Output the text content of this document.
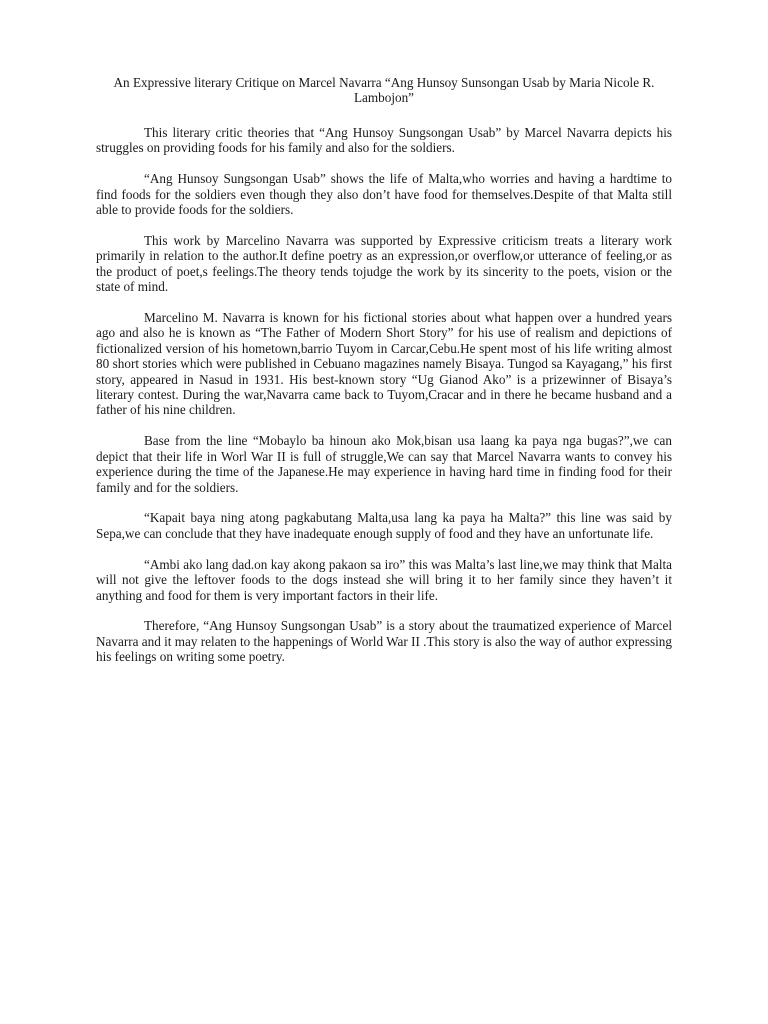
An Expressive literary Critique on Marcel Navarra “Ang Hunsoy Sunsongan Usab by Maria Nicole R. Lambojon”

This literary critic theories that “Ang Hunsoy Sungsongan Usab” by Marcel Navarra depicts his struggles on providing foods for his family and also for the soldiers.

“Ang Hunsoy Sungsongan Usab” shows the life of Malta,who worries and having a hardtime to find foods for the soldiers even though they also don’t have food for themselves.Despite of that Malta still able to provide foods for the soldiers.

This work by Marcelino Navarra was supported by Expressive criticism treats a literary work primarily in relation to the author.It define poetry as an expression,or overflow,or utterance of feeling,or as the product of poet,s feelings.The theory tends tojudge the work by its sincerity to the poets, vision or the state of mind.

Marcelino M. Navarra is known for his fictional stories about what happen over a hundred years ago and also he is known as “The Father of Modern Short Story” for his use of realism and depictions of fictionalized version of his hometown,barrio Tuyom in Carcar,Cebu.He spent most of his life writing almost 80 short stories which were published in Cebuano magazines namely Bisaya. Tungod sa Kayagang,” his first story, appeared in Nasud in 1931. His best-known story “Ug Gianod Ako” is a prizewinner of Bisaya’s literary contest. During the war,Navarra came back to Tuyom,Cracar and in there he became husband and a father of his nine children.

Base from the line “Mobaylo ba hinoun ako Mok,bisan usa laang ka paya nga bugas?”,we can depict that their life in Worl War II is full of struggle,We can say that Marcel Navarra wants to convey his experience during the time of the Japanese.He may experience in having hard time in finding food for their family and for the soldiers.

“Kapait baya ning atong pagkabutang Malta,usa lang ka paya ha Malta?” this line was said by Sepa,we can conclude that they have inadequate enough supply of food and they have an unfortunate life.

“Ambi ako lang dad.on kay akong pakaon sa iro” this was Malta’s last line,we may think that Malta will not give the leftover foods to the dogs instead she will bring it to her family since they haven’t it anything and food for them is very important factors in their life.

Therefore, “Ang Hunsoy Sungsongan Usab” is a story about the traumatized experience of Marcel Navarra and it may relaten to the happenings of World War II .This story is also the way of author expressing his feelings on writing some poetry.
